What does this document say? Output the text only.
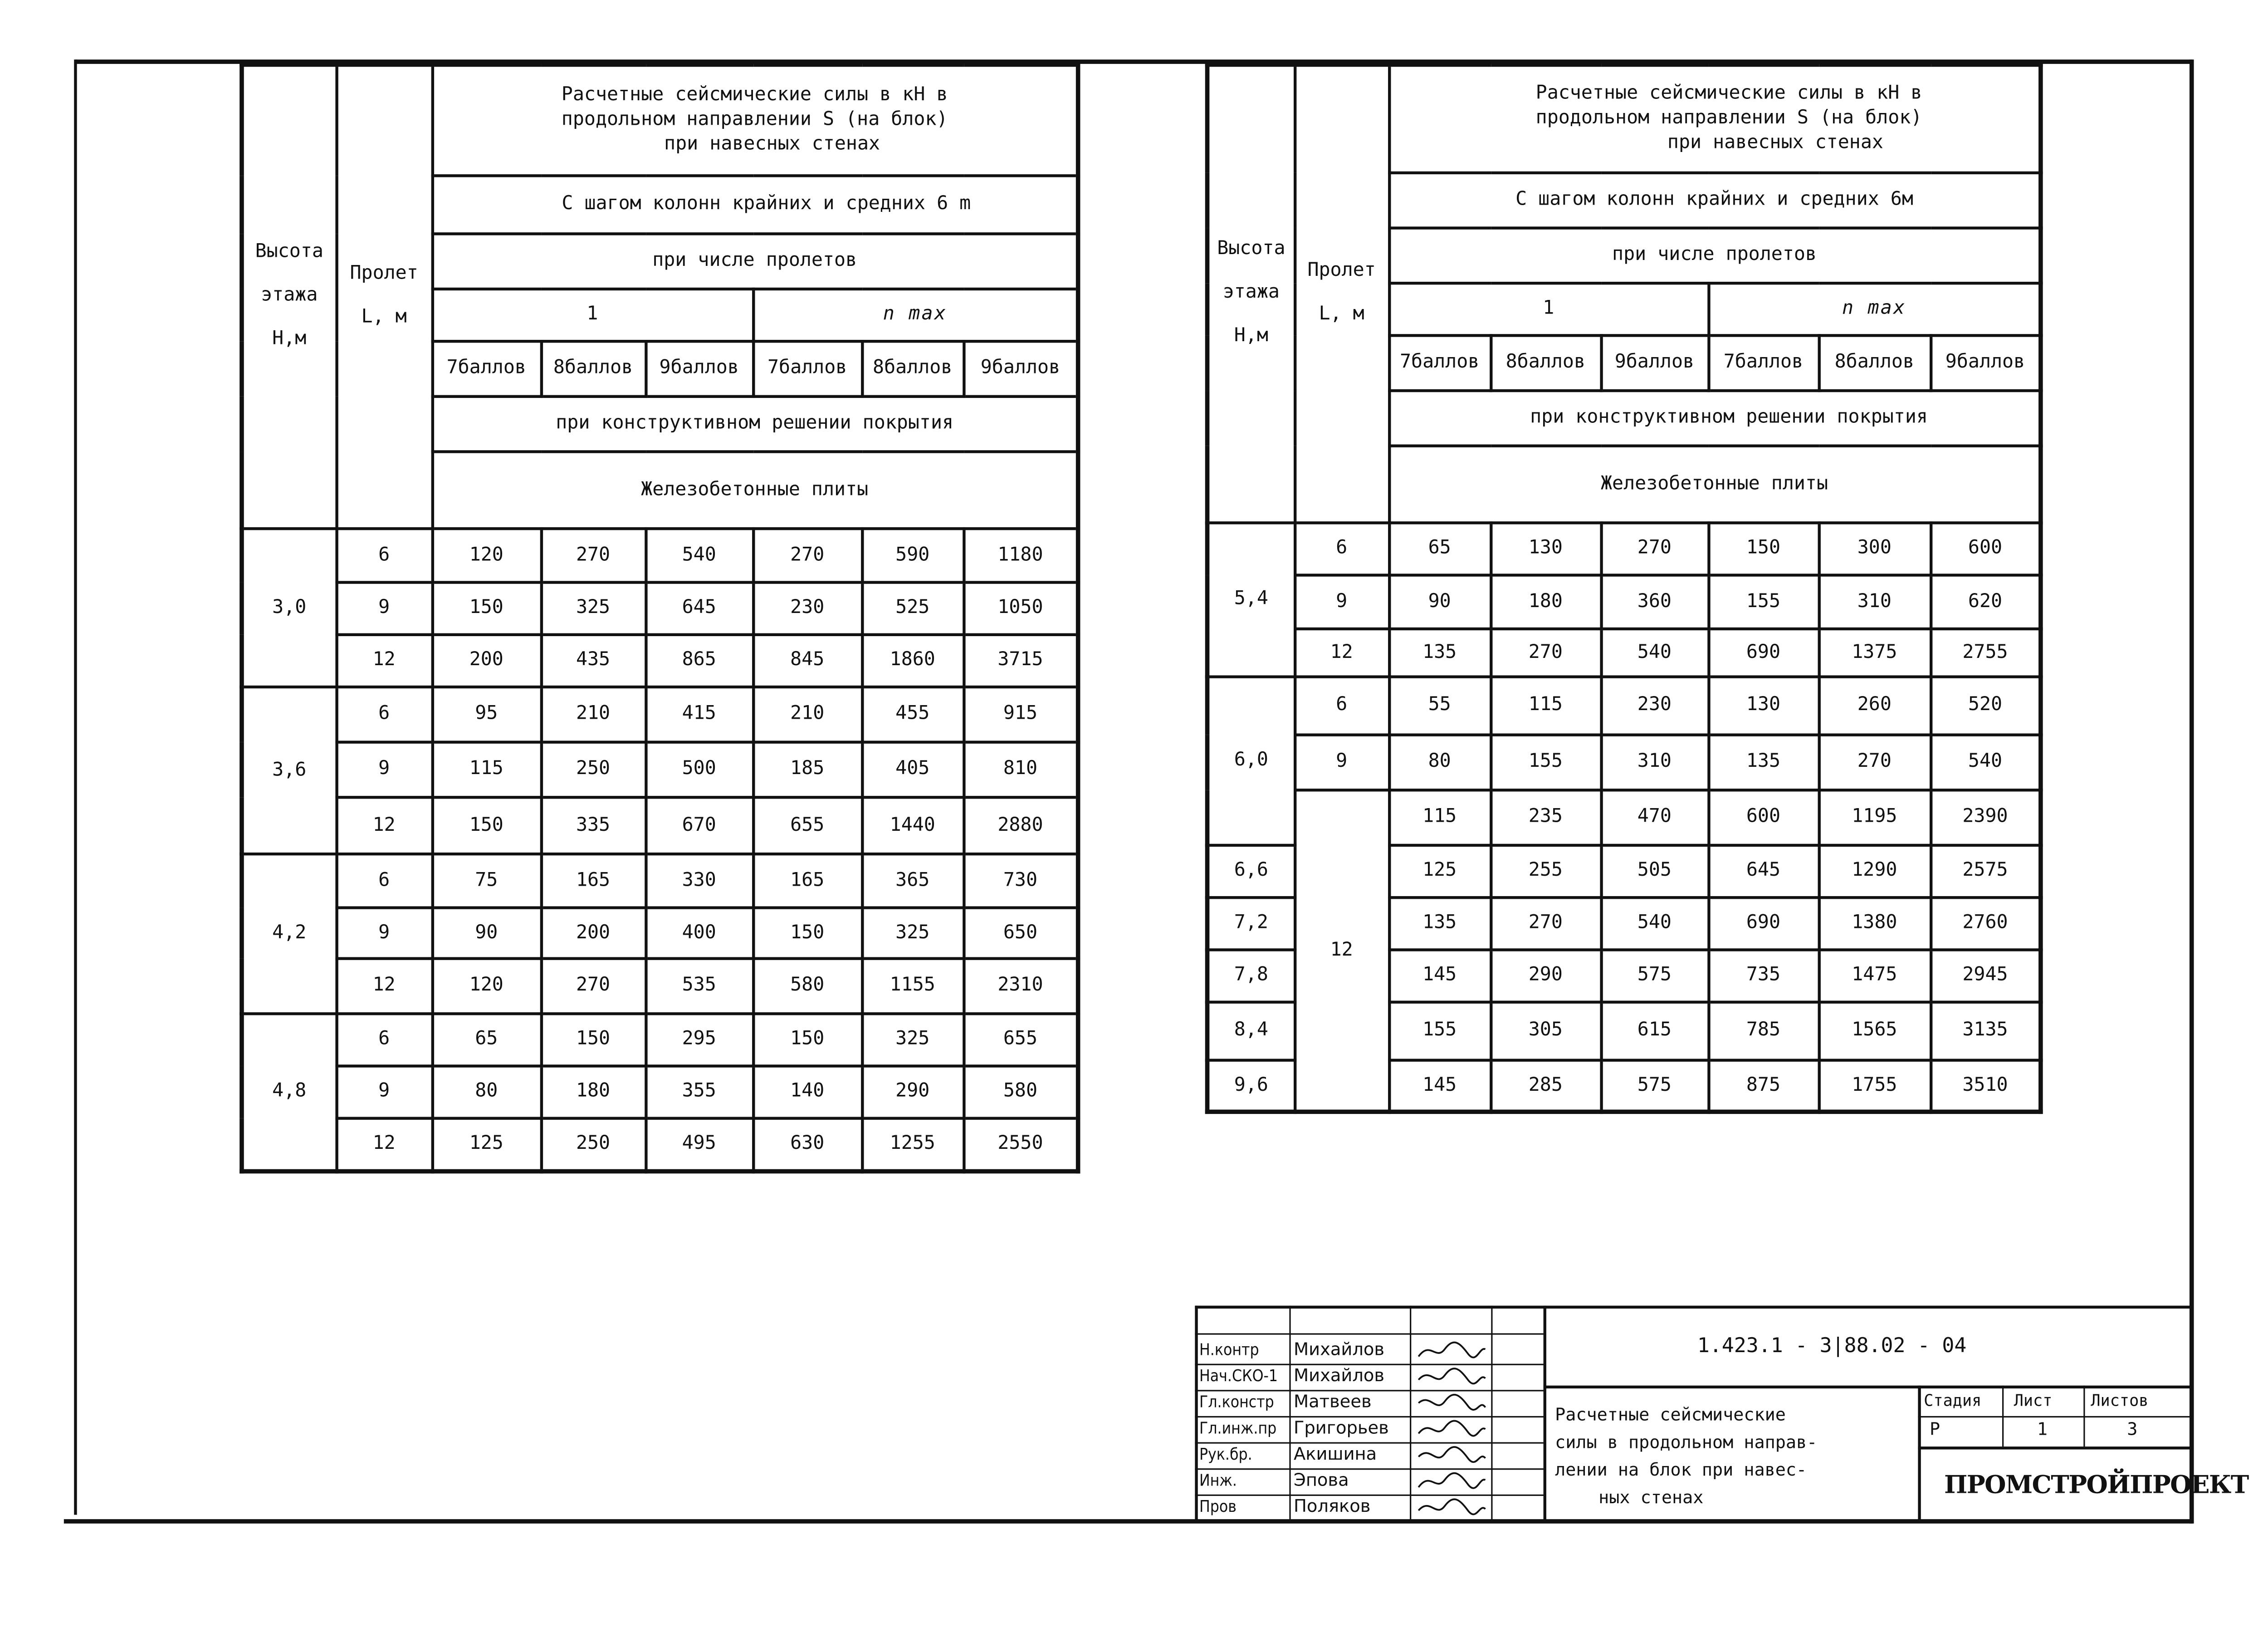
Высота этажа Н,м	Пролет L, м	Расчетные сейсмические силы в кН в
продольном направлении S (на блок)
при навесных стенах					

		С шагом колонн крайних и средних 6 m					
		при числе пролетов					
		1			n max		
		7баллов	8баллов	9баллов	7баллов	8баллов	9баллов
		при конструктивном решении покрытия					
		Железобетонные плиты					
3,0	6	120	270	540	270	590	1180
	9	150	325	645	230	525	1050
	12	200	435	865	845	1860	3715
3,6	6	95	210	415	210	455	915
	9	115	250	500	185	405	810
	12	150	335	670	655	1440	2880
4,2	6	75	165	330	165	365	730
	9	90	200	400	150	325	650
	12	120	270	535	580	1155	2310
4,8	6	65	150	295	150	325	655
	9	80	180	355	140	290	580
	12	125	250	495	630	1255	2550
Высота этажа Н,м	Пролет L, м	Расчетные сейсмические силы в кН в
продольном направлении S (на блок)
при навесных стенах					

		С шагом колонн крайних и средних 6м					
		при числе пролетов					
		1			n max		
		7баллов	8баллов	9баллов	7баллов	8баллов	9баллов
		при конструктивном решении покрытия					
		Железобетонные плиты					
5,4	6	65	130	270	150	300	600
	9	90	180	360	155	310	620
	12	135	270	540	690	1375	2755
6,0	6	55	115	230	130	260	520
	9	80	155	310	135	270	540
	12	115	235	470	600	1195	2390
6,6		125	255	505	645	1290	2575
7,2		135	270	540	690	1380	2760
7,8		145	290	575	735	1475	2945
8,4		155	305	615	785	1565	3135
9,6		145	285	575	875	1755	3510
Н.контр	Михайлов
Нач.СКО-1	Михайлов
Гл.констр	Матвеев
Гл.инж.пр	Григорьев
Рук.бр.	Акишина
Инж.	Эпова
Пров	Поляков
1.423.1 - 3|88.02 - 04
Расчетные сейсмические
силы в продольном направ-
лении на блок при навес-
ных стенах
Стадия	Лист	Листов
Р	1	3
ПРОМСТРОЙПРОЕКТ
